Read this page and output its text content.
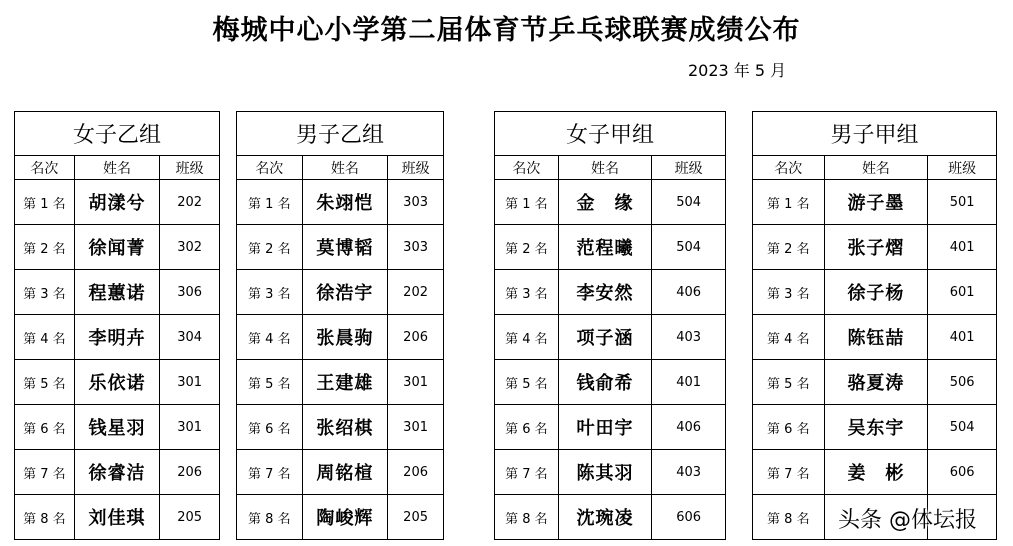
梅城中心小学第二届体育节乒乓球联赛成绩公布
2023 年 5 月
女子乙组		
名次	姓名	班级
第 1 名	胡漾兮	202
第 2 名	徐闻菁	302
第 3 名	程蕙诺	306
第 4 名	李明卉	304
第 5 名	乐依诺	301
第 6 名	钱星羽	301
第 7 名	徐睿洁	206
第 8 名	刘佳琪	205
男子乙组		
名次	姓名	班级
第 1 名	朱翊恺	303
第 2 名	莫博韬	303
第 3 名	徐浩宇	202
第 4 名	张晨驹	206
第 5 名	王建雄	301
第 6 名	张绍棋	301
第 7 名	周铭楦	206
第 8 名	陶峻辉	205
女子甲组		
名次	姓名	班级
第 1 名	金　缘	504
第 2 名	范程曦	504
第 3 名	李安然	406
第 4 名	项子涵	403
第 5 名	钱俞希	401
第 6 名	叶田宇	406
第 7 名	陈其羽	403
第 8 名	沈琬凌	606
男子甲组		
名次	姓名	班级
第 1 名	游子墨	501
第 2 名	张子熠	401
第 3 名	徐子杨	601
第 4 名	陈钰喆	401
第 5 名	骆夏涛	506
第 6 名	吴东宇	504
第 7 名	姜　彬	606
第 8 名		头条 @体坛报
